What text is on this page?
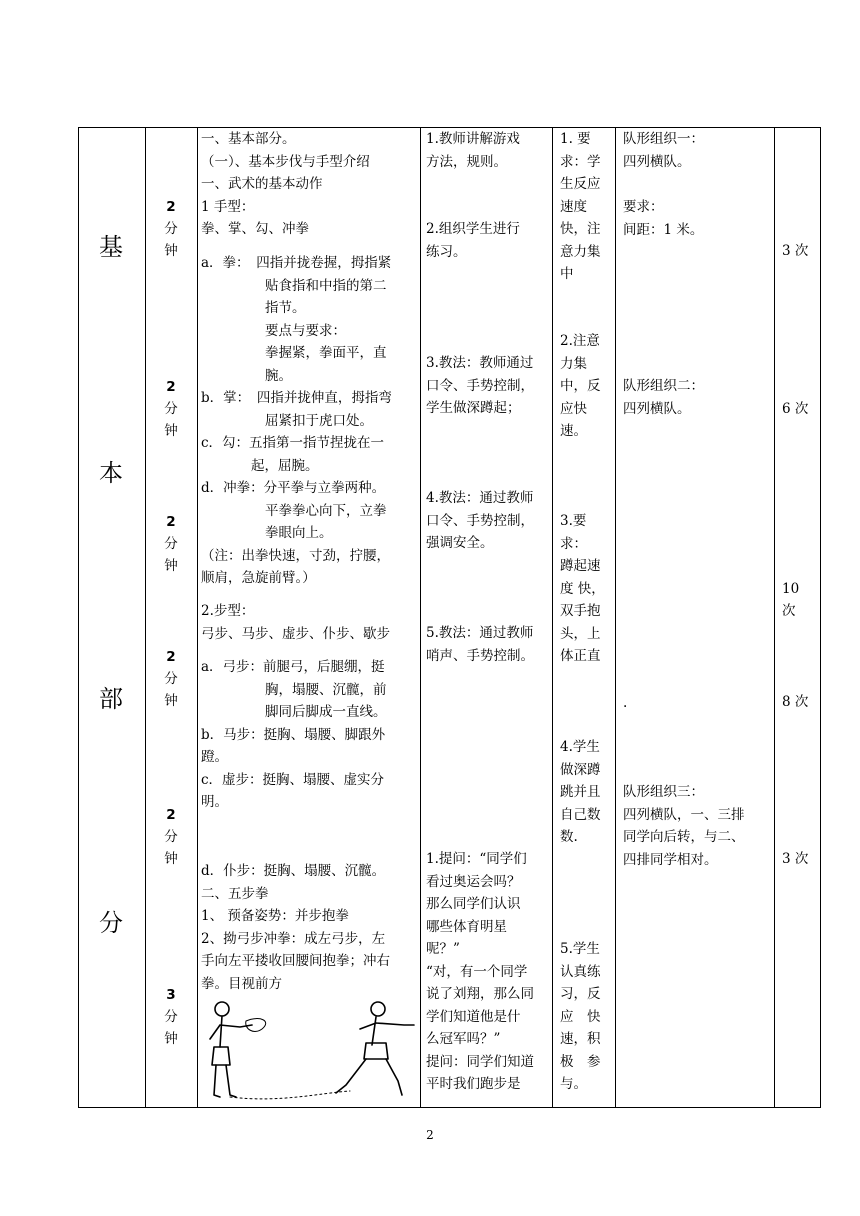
基
本
部
分
2
分
钟
2
分
钟
2
分
钟
2
分
钟
2
分
钟
3
分
钟

一、基本部分。

（一）、基本步伐与手型介绍

一、武术的基本动作

1 手型：

拳、掌、勾、冲拳

a．拳：　四指并拢卷握，拇指紧

贴食指和中指的第二

指节。

要点与要求：

拳握紧，拳面平，直

腕。

b．掌：　四指并拢伸直，拇指弯

屈紧扣于虎口处。

c．勾：五指第一指节捏拢在一

起，屈腕。

d．冲拳：分平拳与立拳两种。

平拳拳心向下，立拳

拳眼向上。

（注：出拳快速，寸劲，拧腰，

顺肩，急旋前臂。）

2.步型：

弓步、马步、虚步、仆步、歇步

a．弓步：前腿弓，后腿绷，挺

胸，塌腰、沉髋，前

脚同后脚成一直线。

b．马步：挺胸、塌腰、脚跟外

蹬。

c．虚步：挺胸、塌腰、虚实分

明。

d．仆步：挺胸、塌腰、沉髋。

二、五步拳

1、 预备姿势：并步抱拳

2、拗弓步冲拳：成左弓步，左

手向左平搂收回腰间抱拳；冲右

拳。目视前方

1.教师讲解游戏

方法，规则。

2.组织学生进行

练习。

3.教法：教师通过

口令、手势控制，

学生做深蹲起；

4.教法：通过教师

口令、手势控制，

强调安全。

5.教法：通过教师

哨声、手势控制。

1.提问：“同学们

看过奥运会吗？

那么同学们认识

哪些体育明星

呢？”

“对，有一个同学

说了刘翔，那么同

学们知道他是什

么冠军吗？”

提问：同学们知道

平时我们跑步是

1. 要

求：学

生反应

速度

快，注

意力集

中

2.注意

力集

中，反

应快

速。

3.要

求：

蹲起速

度 快，

双手抱

头，上

体正直

4.学生

做深蹲

跳并且

自己数

数.

5.学生

认真练

习，反

应　快

速，积

极　参

与。

队形组织一：

四列横队。

要求：

间距：1 米。

队形组织二：

四列横队。

.

队形组织三：

四列横队，一、三排

同学向后转，与二、

四排同学相对。

3 次
6 次
10
次
8 次
3 次
2
